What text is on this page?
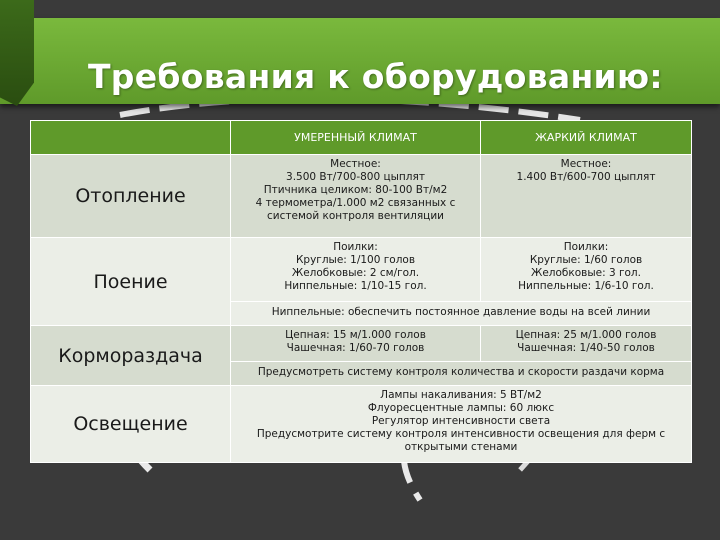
Требования к оборудованию:
	УМЕРЕННЫЙ КЛИМАТ	ЖАРКИЙ КЛИМАТ
Отопление	Местное:
3.500 Вт/700-800 цыплят
Птичника целиком: 80-100 Вт/м2
4 термометра/1.000 м2 связанных с
системой контроля вентиляции	Местное:
1.400 Вт/600-700 цыплят

Поение	Поилки:
Круглые: 1/100 голов
Желобковые: 2 см/гол.
Ниппельные: 1/10-15 гол.	Поилки:
Круглые: 1/60 голов
Желобковые: 3 гол.
Ниппельные: 1/6-10 гол.

	Ниппельные: обеспечить постоянное давление воды на всей линии	
Кормораздача	Цепная: 15 м/1.000 голов
Чашечная: 1/60-70 голов	Цепная: 25 м/1.000 голов
Чашечная: 1/40-50 голов

	Предусмотреть систему контроля количества и скорости раздачи корма	
Освещение	Лампы накаливания: 5 ВТ/м2
Флуоресцентные лампы: 60 люкс
Регулятор интенсивности света
Предусмотрите систему контроля интенсивности освещения для ферм с
открытыми стенами	
